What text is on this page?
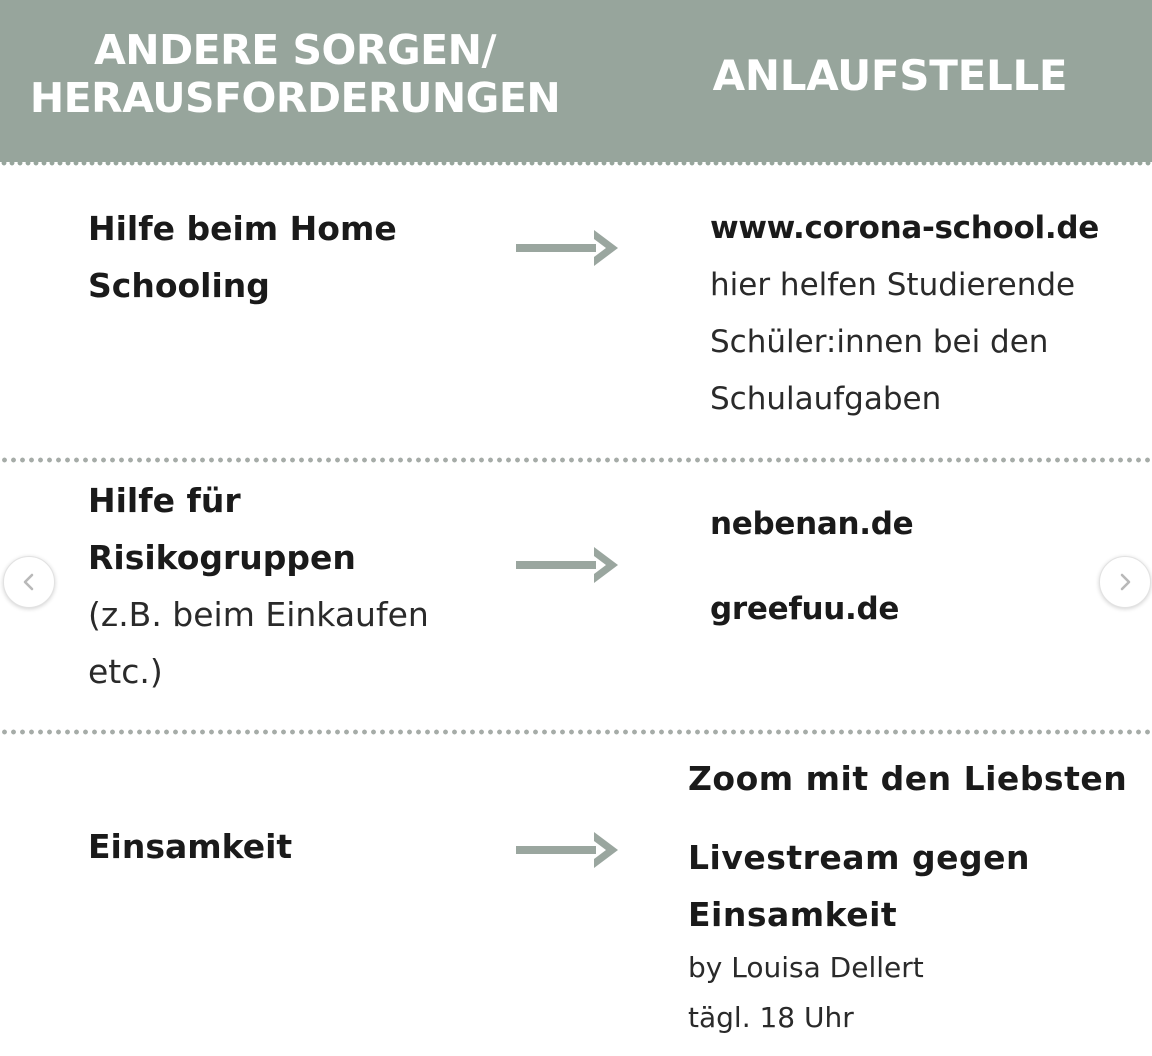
ANDERE SORGEN/
HERAUSFORDERUNGEN	ANLAUFSTELLE
Hilfe beim Home
Schooling
www.corona-school.de
hier helfen Studierende
Schüler:innen bei den
Schulaufgaben
Hilfe für
Risikogruppen
(z.B. beim Einkaufen
etc.)
nebenan.de
greefuu.de
Einsamkeit
Zoom mit den Liebsten
Livestream gegen
Einsamkeit
by Louisa Dellert
tägl. 18 Uhr
